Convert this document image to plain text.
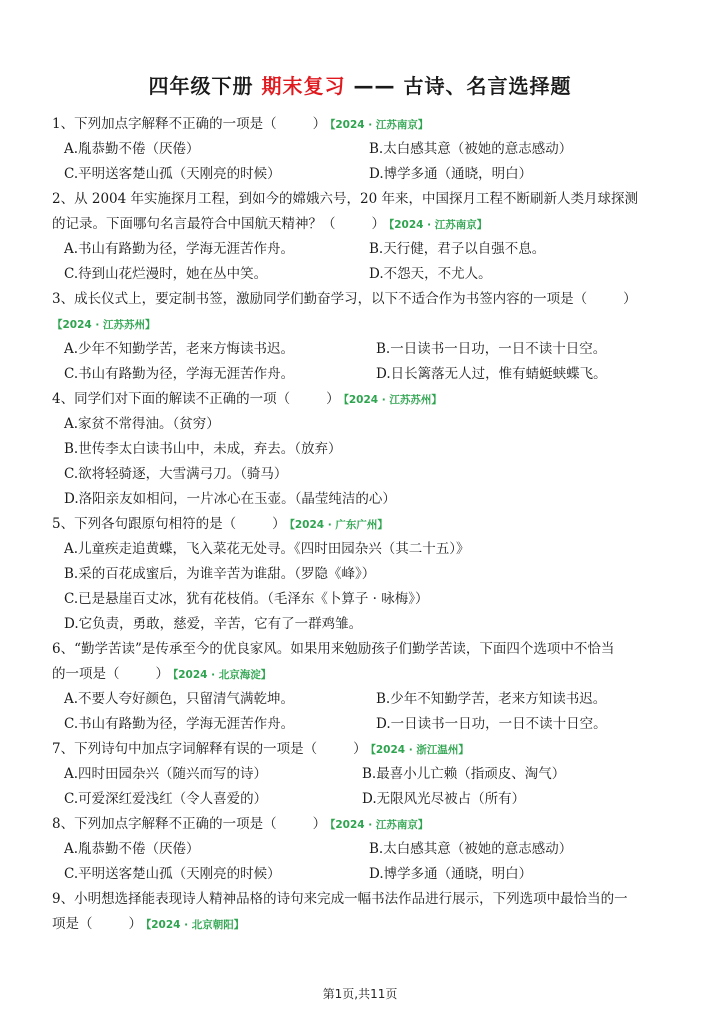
四年级下册 期末复习 —— 古诗、名言选择题
1、下列加点字解释不正确的一项是（	） 【2024 · 江苏南京】
A.胤恭勤不倦（厌倦）	B.太白感其意（被她的意志感动）
C.平明送客楚山孤（天刚亮的时候）	D.博学多通（通晓，明白）
2、从 2004 年实施探月工程，到如今的嫦娥六号，20 年来，中国探月工程不断刷新人类月球探测
的记录。下面哪句名言最符合中国航天精神？（	） 【2024 · 江苏南京】
A.书山有路勤为径，学海无涯苦作舟。	B.天行健，君子以自强不息。
C.待到山花烂漫时，她在丛中笑。	D.不怨天，不尤人。
3、成长仪式上，要定制书签，激励同学们勤奋学习，以下不适合作为书签内容的一项是（	）
【2024 · 江苏苏州】
A.少年不知勤学苦，老来方悔读书迟。	B.一日读书一日功，一日不读十日空。
C.书山有路勤为径，学海无涯苦作舟。	D.日长篱落无人过，惟有蜻蜓蛱蝶飞。
4、同学们对下面的解读不正确的一项（	） 【2024 · 江苏苏州】
A.家贫不常得油。（贫穷）
B.世传李太白读书山中，未成，弃去。（放弃）
C.欲将轻骑逐，大雪满弓刀。（骑马）
D.洛阳亲友如相问，一片冰心在玉壶。（晶莹纯洁的心）
5、下列各句跟原句相符的是（	） 【2024 · 广东广州】
A.儿童疾走追黄蝶，飞入菜花无处寻。《四时田园杂兴（其二十五）》
B.采的百花成蜜后，为谁辛苦为谁甜。（罗隐《峰》）
C.已是悬崖百丈冰，犹有花枝俏。（毛泽东《卜算子 · 咏梅》）
D.它负责，勇敢，慈爱，辛苦，它有了一群鸡雏。
6、“勤学苦读”是传承至今的优良家风。如果用来勉励孩子们勤学苦读，下面四个选项中不恰当
的一项是（	） 【2024 · 北京海淀】
A.不要人夸好颜色，只留清气满乾坤。	B.少年不知勤学苦，老来方知读书迟。
C.书山有路勤为径，学海无涯苦作舟。	D.一日读书一日功，一日不读十日空。
7、下列诗句中加点字词解释有误的一项是（	） 【2024 · 浙江温州】
A.四时田园杂兴（随兴而写的诗）	B.最喜小儿亡赖（指顽皮、淘气）
C.可爱深红爱浅红（令人喜爱的）	D.无限风光尽被占（所有）
8、下列加点字解释不正确的一项是（	） 【2024 · 江苏南京】
A.胤恭勤不倦（厌倦）	B.太白感其意（被她的意志感动）
C.平明送客楚山孤（天刚亮的时候）	D.博学多通（通晓，明白）
9、小明想选择能表现诗人精神品格的诗句来完成一幅书法作品进行展示，下列选项中最恰当的一
项是（	） 【2024 · 北京朝阳】
第1页,共11页
